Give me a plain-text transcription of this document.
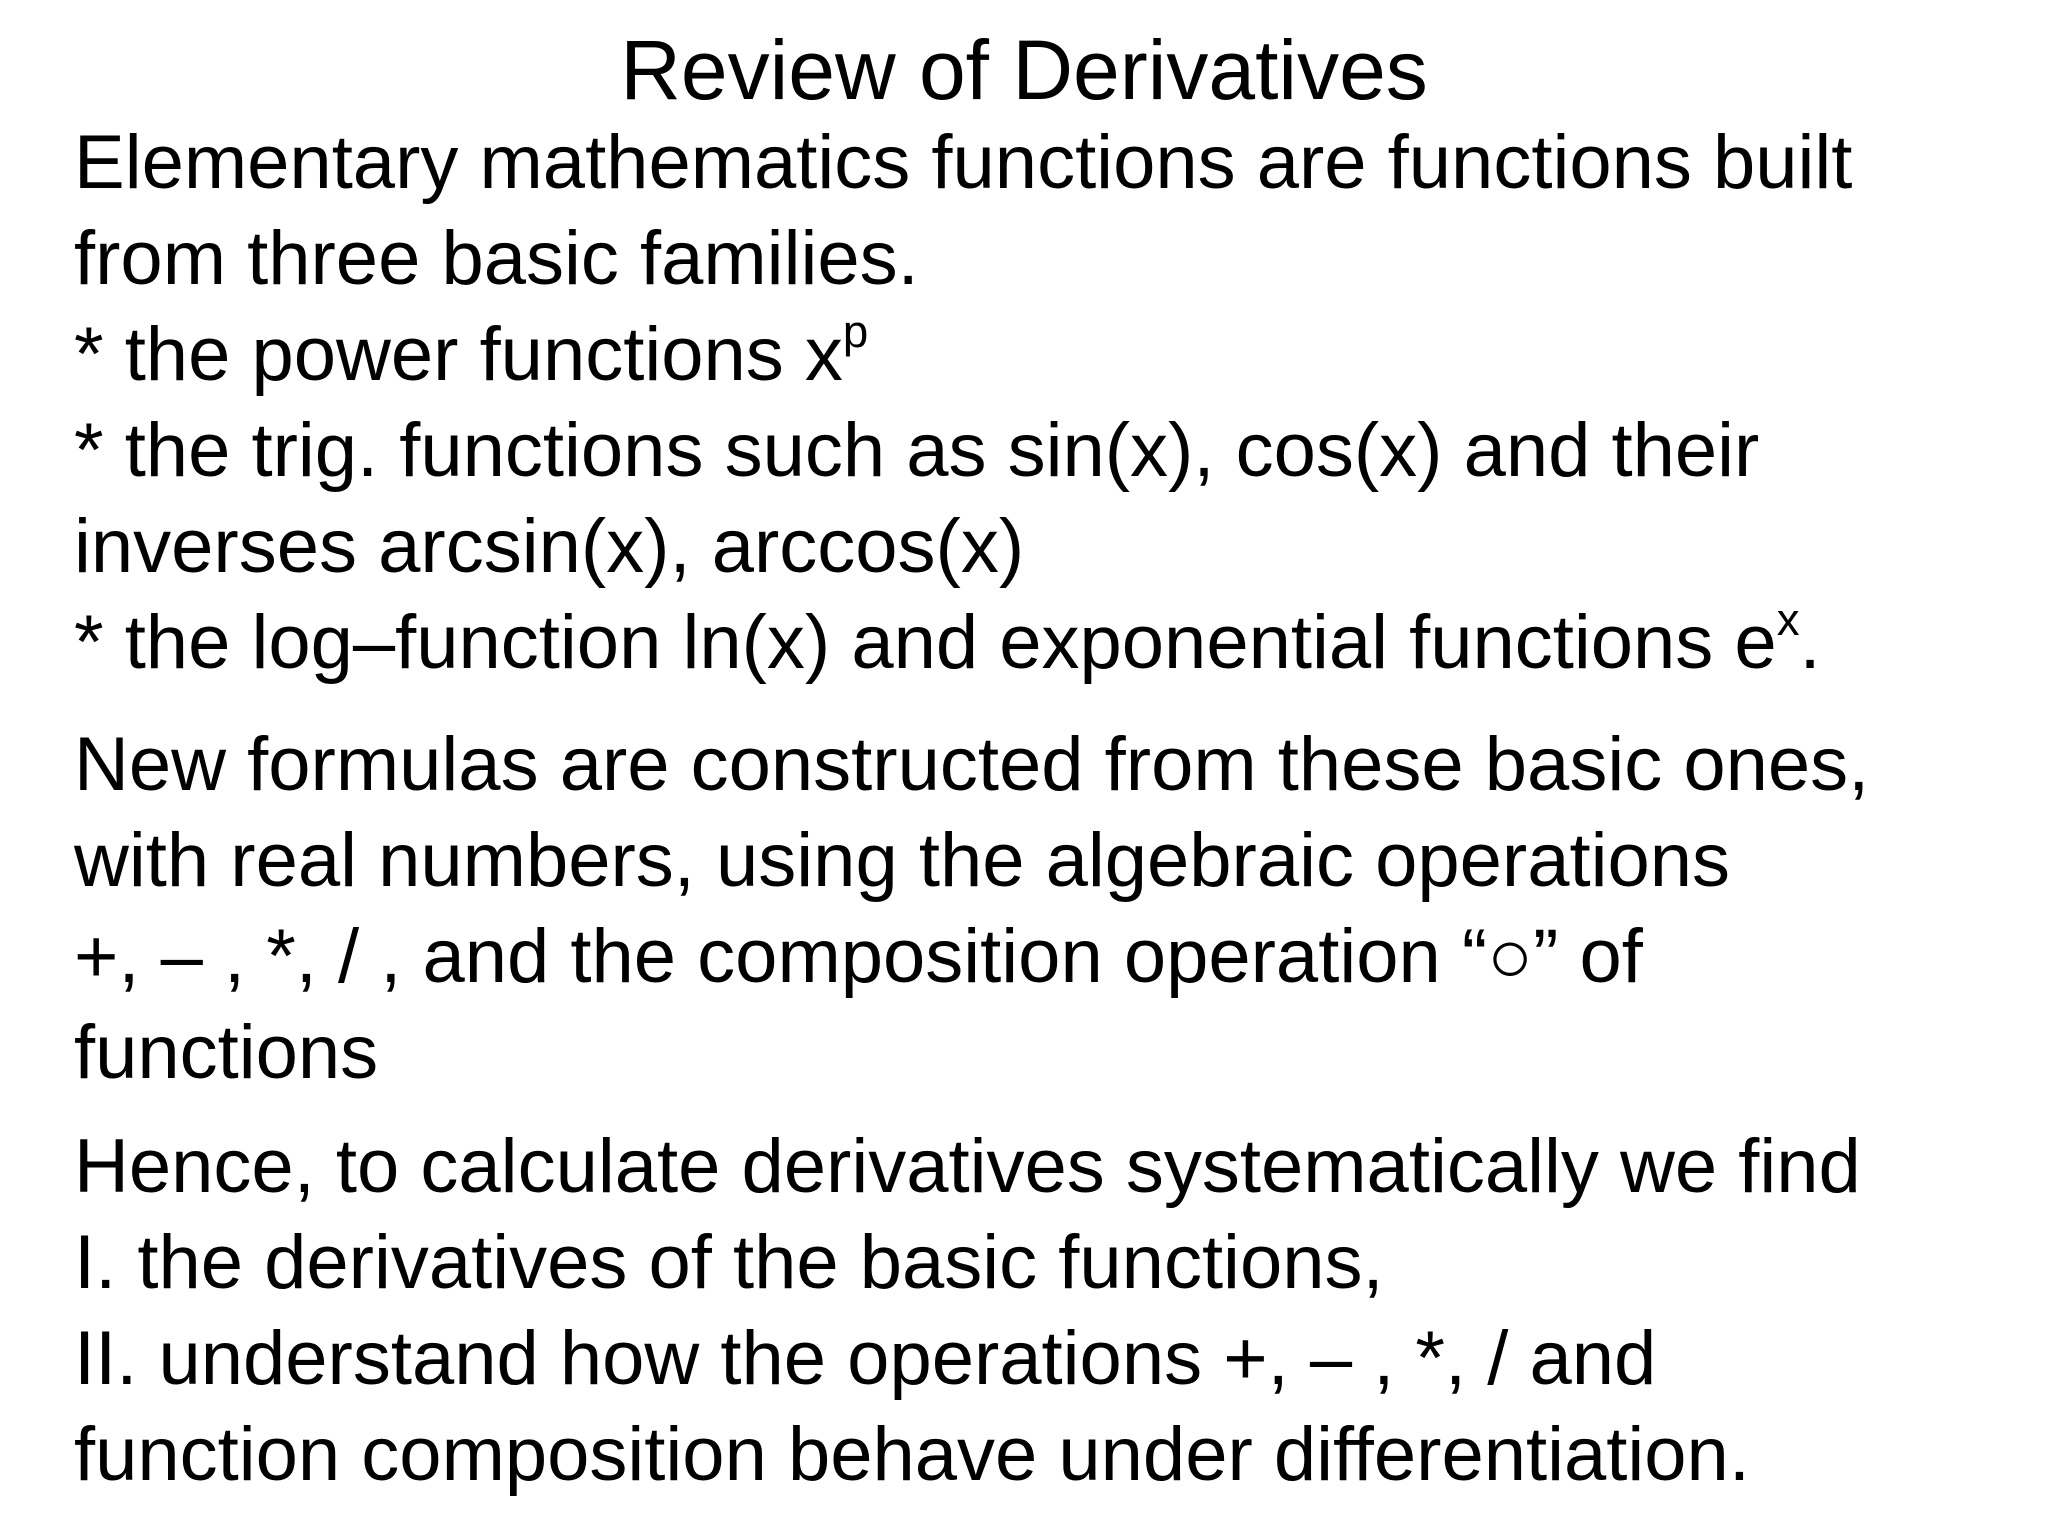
Review of Derivatives
Elementary mathematics functions are functions built
from three basic families.
* the power functions $x^p$
* the trig. functions such as sin(x), cos(x) and their
inverses arcsin(x), arccos(x)
* the log–function ln(x) and exponential functions $e^x$.
New formulas are constructed from these basic ones,
with real numbers, using the algebraic operations
+, – , *, / , and the composition operation “○” of
functions
Hence, to calculate derivatives systematically we find
I. the derivatives of the basic functions,
II. understand how the operations +, – , *, / and
function composition behave under differentiation.
